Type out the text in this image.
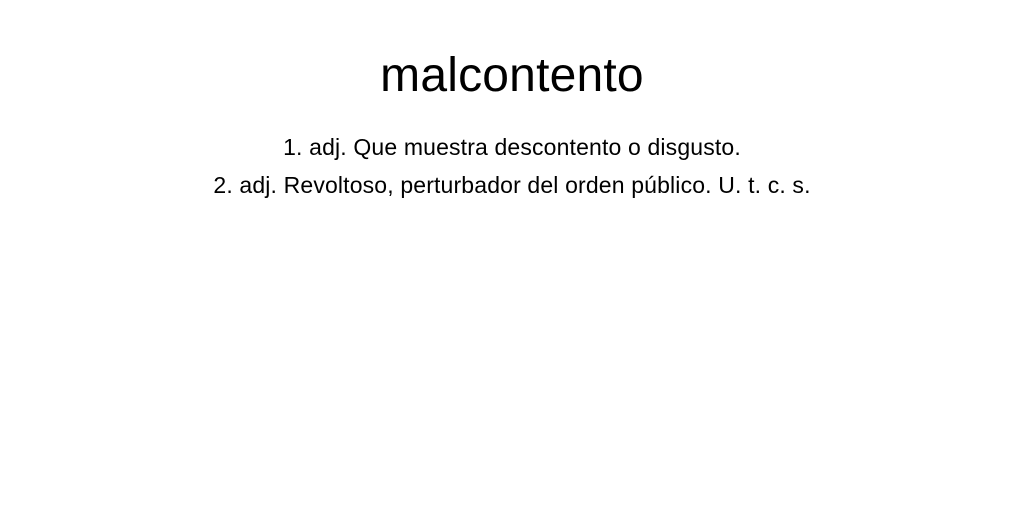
malcontento
1. adj. Que muestra descontento o disgusto.
2. adj. Revoltoso, perturbador del orden público. U. t. c. s.
